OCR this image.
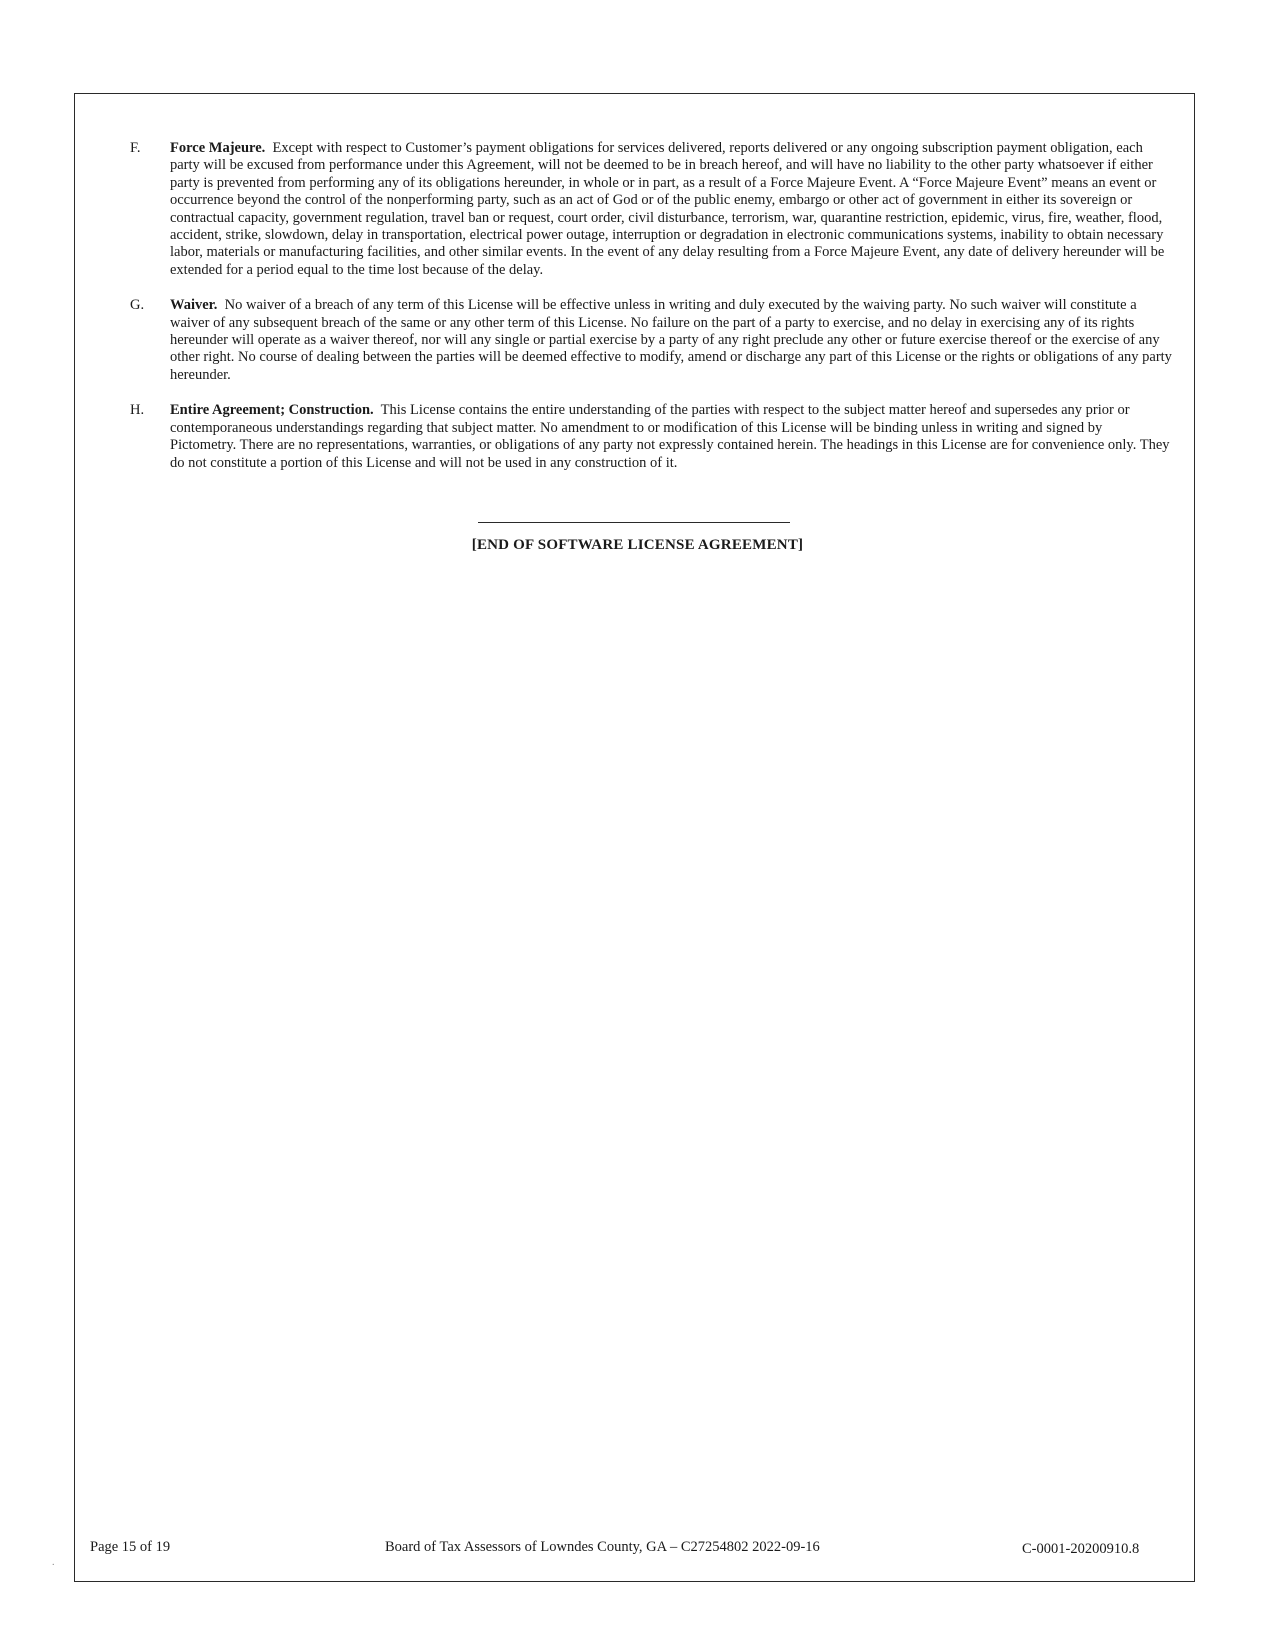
F.	Force Majeure. Except with respect to Customer’s payment obligations for services delivered, reports delivered or any ongoing subscription payment obligation, each party will be excused from performance under this Agreement, will not be deemed to be in breach hereof, and will have no liability to the other party whatsoever if either party is prevented from performing any of its obligations hereunder, in whole or in part, as a result of a Force Majeure Event. A “Force Majeure Event” means an event or occurrence beyond the control of the nonperforming party, such as an act of God or of the public enemy, embargo or other act of government in either its sovereign or contractual capacity, government regulation, travel ban or request, court order, civil disturbance, terrorism, war, quarantine restriction, epidemic, virus, fire, weather, flood, accident, strike, slowdown, delay in transportation, electrical power outage, interruption or degradation in electronic communications systems, inability to obtain necessary labor, materials or manufacturing facilities, and other similar events. In the event of any delay resulting from a Force Majeure Event, any date of delivery hereunder will be extended for a period equal to the time lost because of the delay.
G.	Waiver. No waiver of a breach of any term of this License will be effective unless in writing and duly executed by the waiving party. No such waiver will constitute a waiver of any subsequent breach of the same or any other term of this License. No failure on the part of a party to exercise, and no delay in exercising any of its rights hereunder will operate as a waiver thereof, nor will any single or partial exercise by a party of any right preclude any other or future exercise thereof or the exercise of any other right. No course of dealing between the parties will be deemed effective to modify, amend or discharge any part of this License or the rights or obligations of any party hereunder.
H.	Entire Agreement; Construction. This License contains the entire understanding of the parties with respect to the subject matter hereof and supersedes any prior or contemporaneous understandings regarding that subject matter. No amendment to or modification of this License will be binding unless in writing and signed by Pictometry. There are no representations, warranties, or obligations of any party not expressly contained herein. The headings in this License are for convenience only. They do not constitute a portion of this License and will not be used in any construction of it.
[END OF SOFTWARE LICENSE AGREEMENT]
Page 15 of 19	Board of Tax Assessors of Lowndes County, GA – C27254802 2022-09-16	C-0001-20200910.8
.
